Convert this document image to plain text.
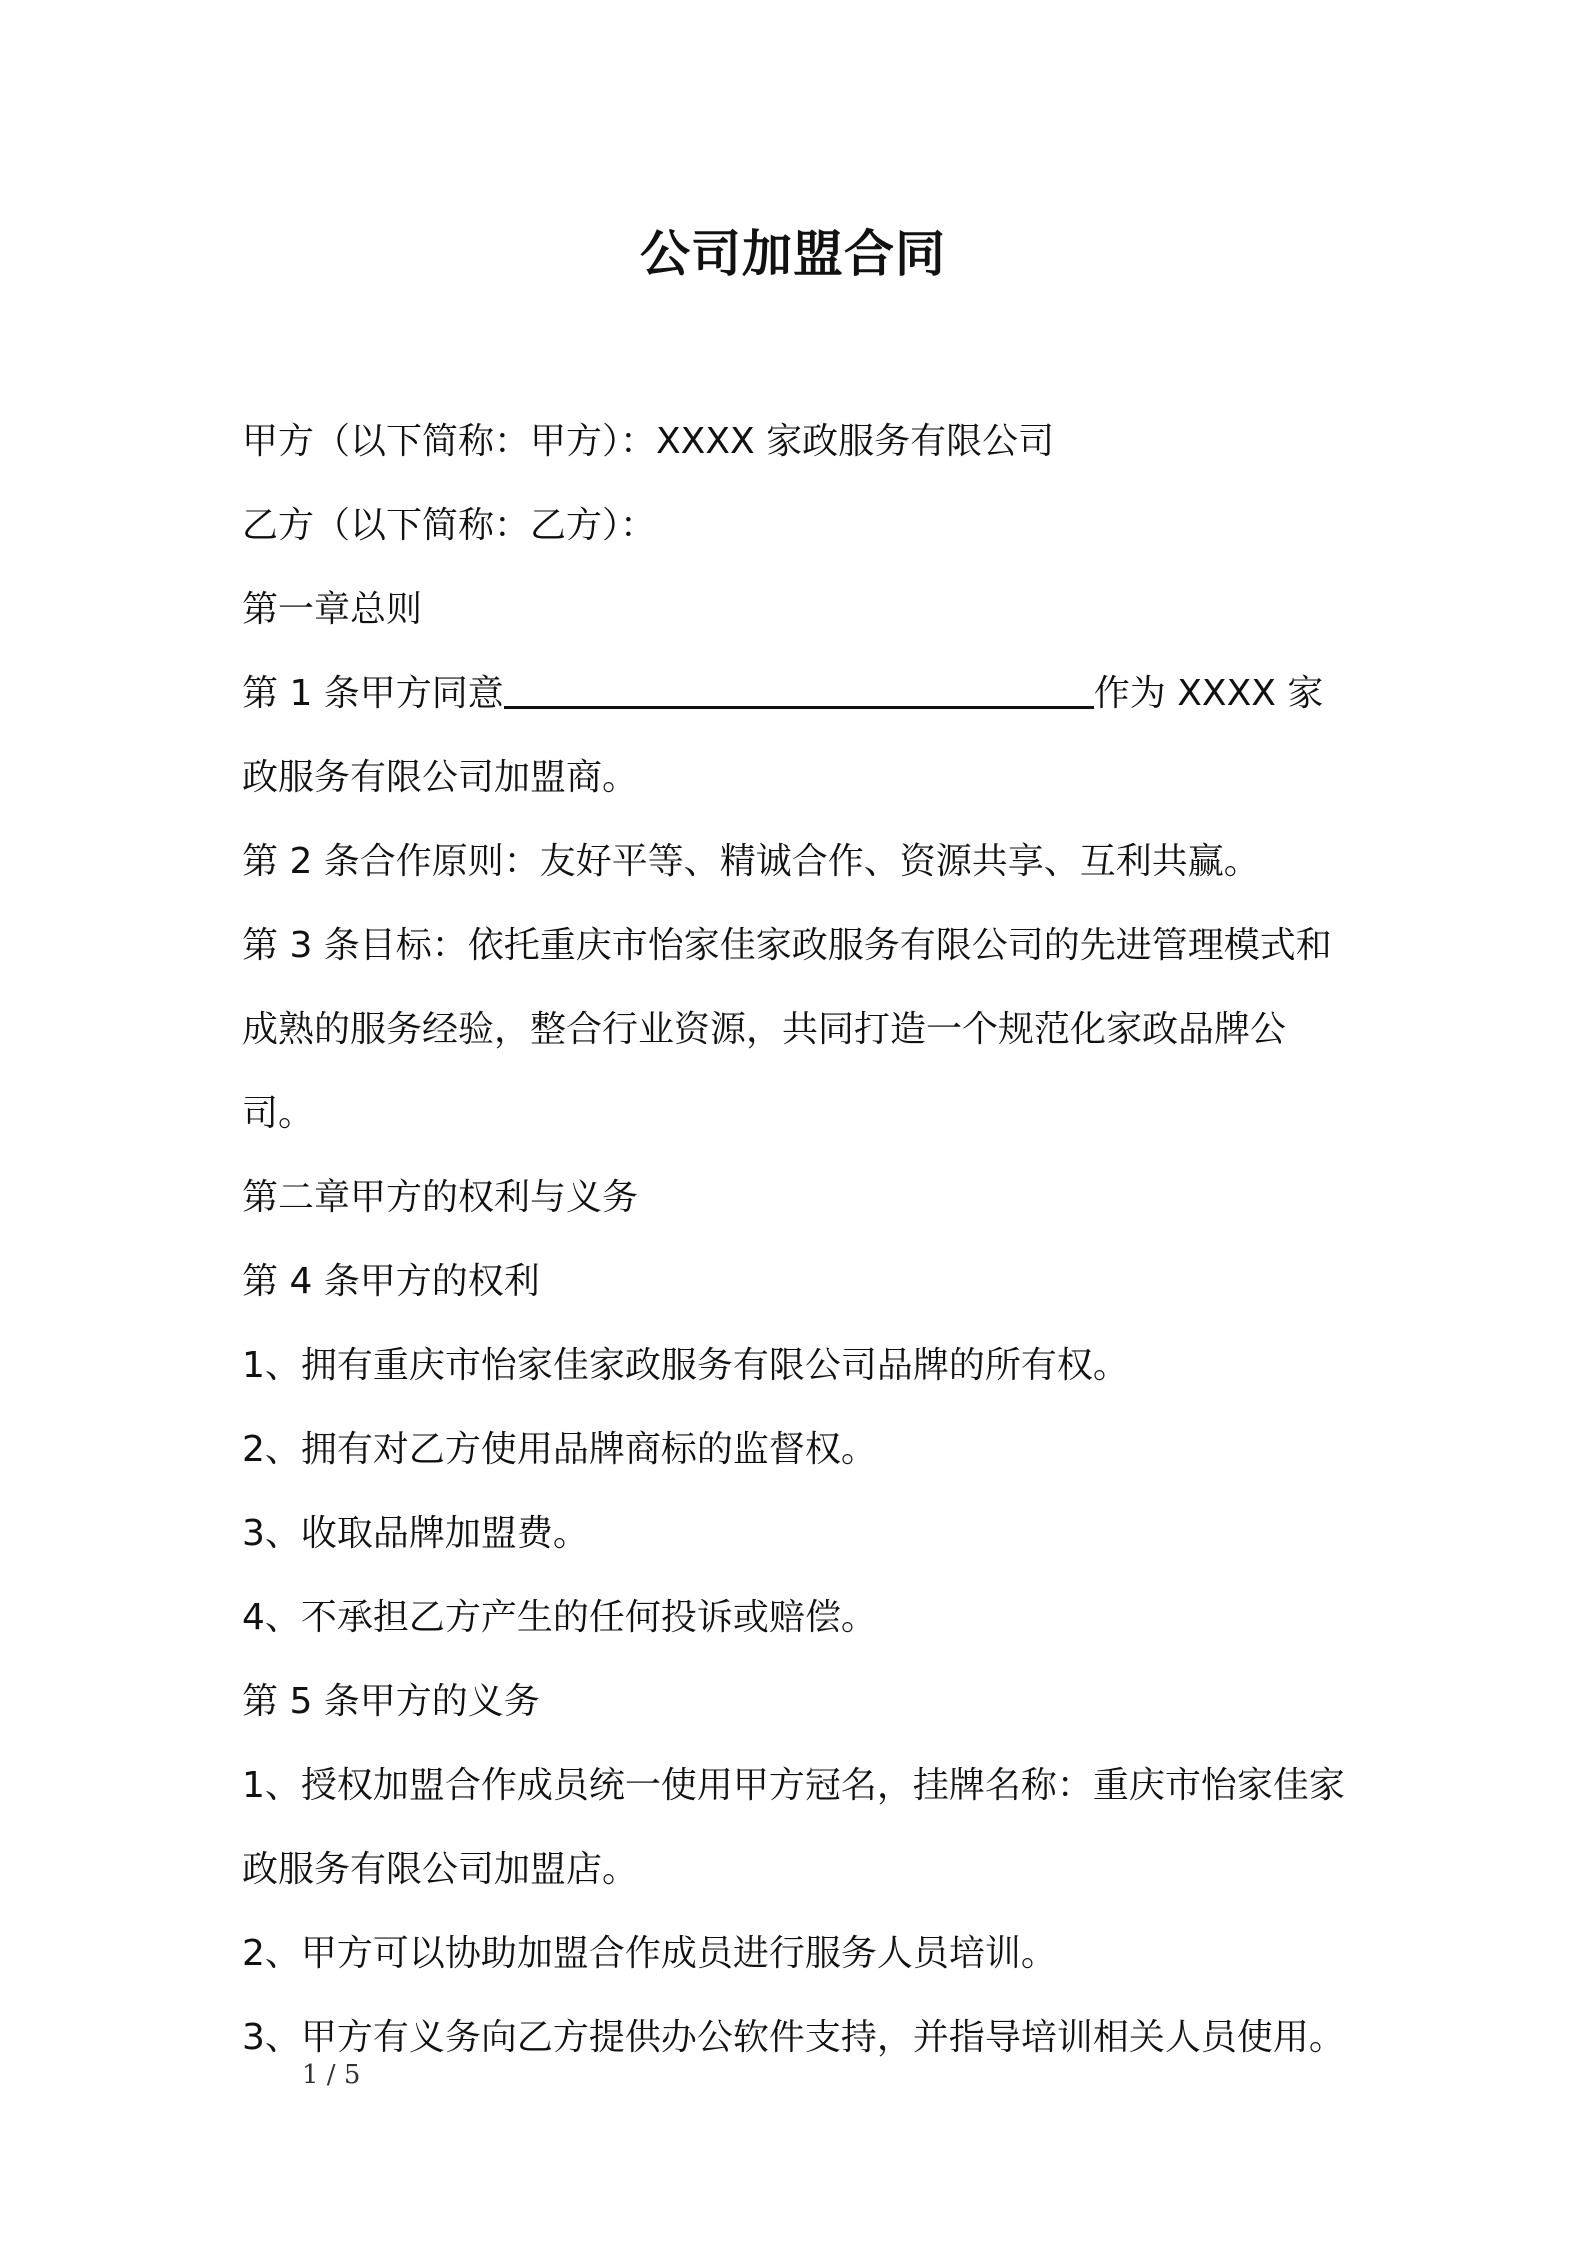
公司加盟合同

甲方（以下简称：甲方）：XXXX 家政服务有限公司

乙方（以下简称：乙方）：

第一章总则

第 1 条甲方同意	作为 XXXX 家政服务有限公司加盟商。

第 2 条合作原则：友好平等、精诚合作、资源共享、互利共赢。

第 3 条目标：依托重庆市怡家佳家政服务有限公司的先进管理模式和成熟的服务经验，整合行业资源，共同打造一个规范化家政品牌公司。

第二章甲方的权利与义务

第 4 条甲方的权利

1、拥有重庆市怡家佳家政服务有限公司品牌的所有权。

2、拥有对乙方使用品牌商标的监督权。

3、收取品牌加盟费。

4、不承担乙方产生的任何投诉或赔偿。

第 5 条甲方的义务

1、授权加盟合作成员统一使用甲方冠名，挂牌名称：重庆市怡家佳家政服务有限公司加盟店。

2、甲方可以协助加盟合作成员进行服务人员培训。

3、甲方有义务向乙方提供办公软件支持，并指导培训相关人员使用。

1 / 5
